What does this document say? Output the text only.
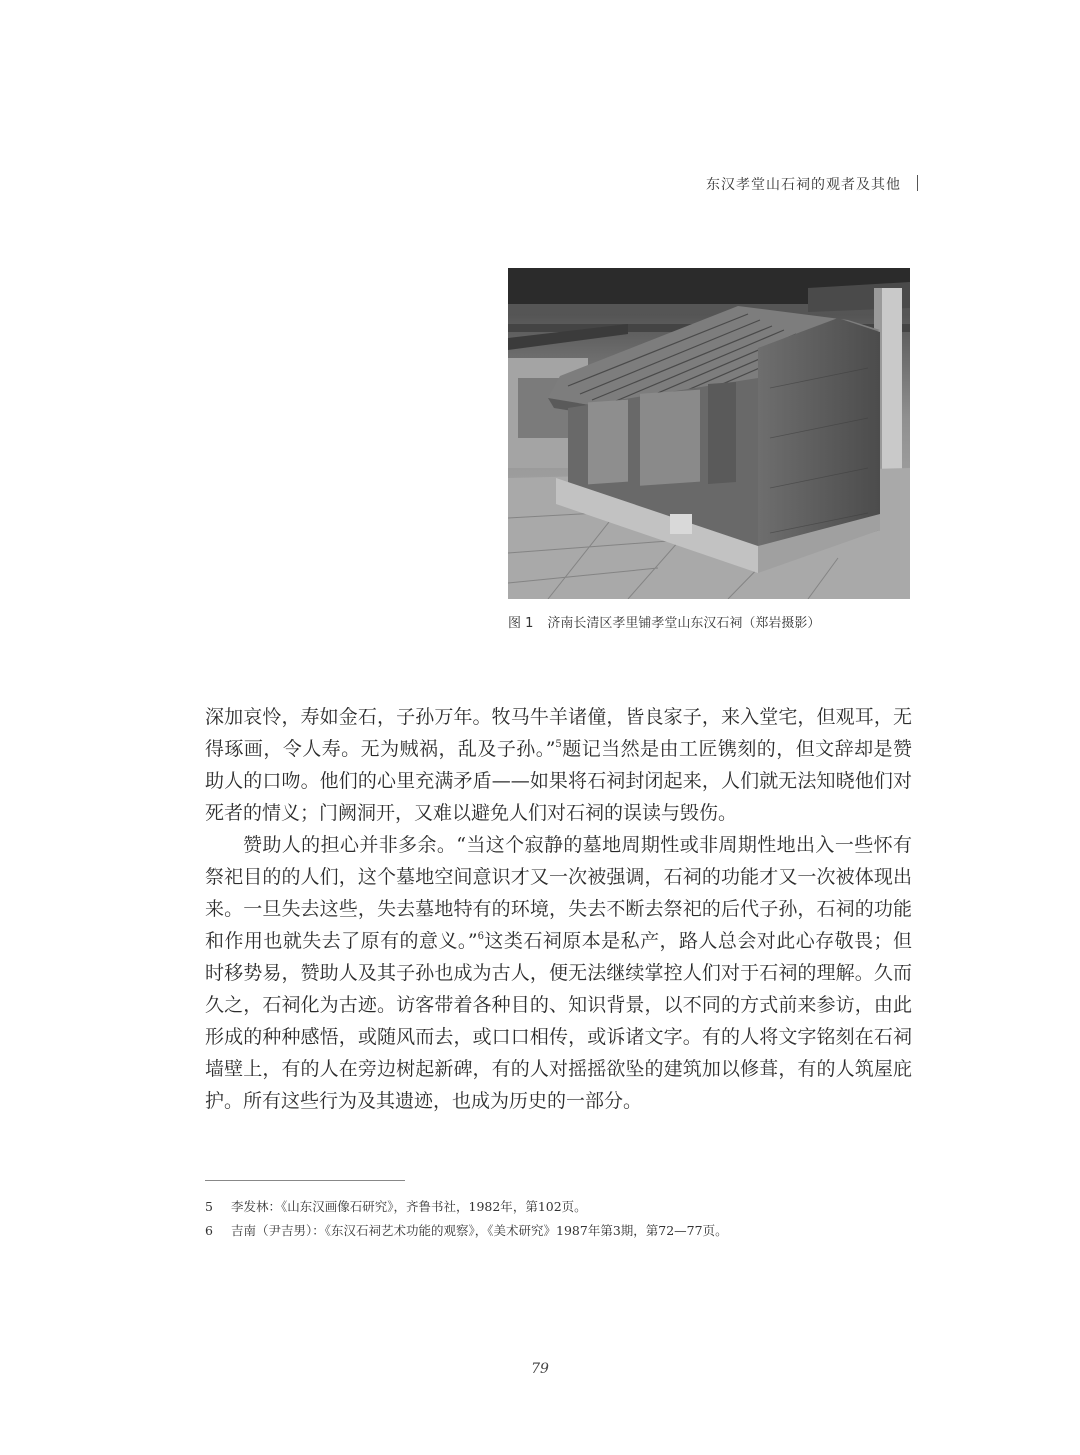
东汉孝堂山石祠的观者及其他
图 1 济南长清区孝里铺孝堂山东汉石祠（郑岩摄影）

深加哀怜，寿如金石，子孙万年。牧马牛羊诸僮，皆良家子，来入堂宅，但观耳，无得琢画，令人寿。无为贼祸，乱及子孙。”$^5$题记当然是由工匠镌刻的，但文辞却是赞助人的口吻。他们的心里充满矛盾——如果将石祠封闭起来，人们就无法知晓他们对死者的情义；门阙洞开，又难以避免人们对石祠的误读与毁伤。

赞助人的担心并非多余。“当这个寂静的墓地周期性或非周期性地出入一些怀有祭祀目的的人们，这个墓地空间意识才又一次被强调，石祠的功能才又一次被体现出来。一旦失去这些，失去墓地特有的环境，失去不断去祭祀的后代子孙，石祠的功能和作用也就失去了原有的意义。”$^6$这类石祠原本是私产，路人总会对此心存敬畏；但时移势易，赞助人及其子孙也成为古人，便无法继续掌控人们对于石祠的理解。久而久之，石祠化为古迹。访客带着各种目的、知识背景，以不同的方式前来参访，由此形成的种种感悟，或随风而去，或口口相传，或诉诸文字。有的人将文字铭刻在石祠墙壁上，有的人在旁边树起新碑，有的人对摇摇欲坠的建筑加以修葺，有的人筑屋庇护。所有这些行为及其遗迹，也成为历史的一部分。

5 李发林：《山东汉画像石研究》，齐鲁书社，1982年，第102页。
6 吉南（尹吉男）：《东汉石祠艺术功能的观察》，《美术研究》1987年第3期，第72—77页。
79
